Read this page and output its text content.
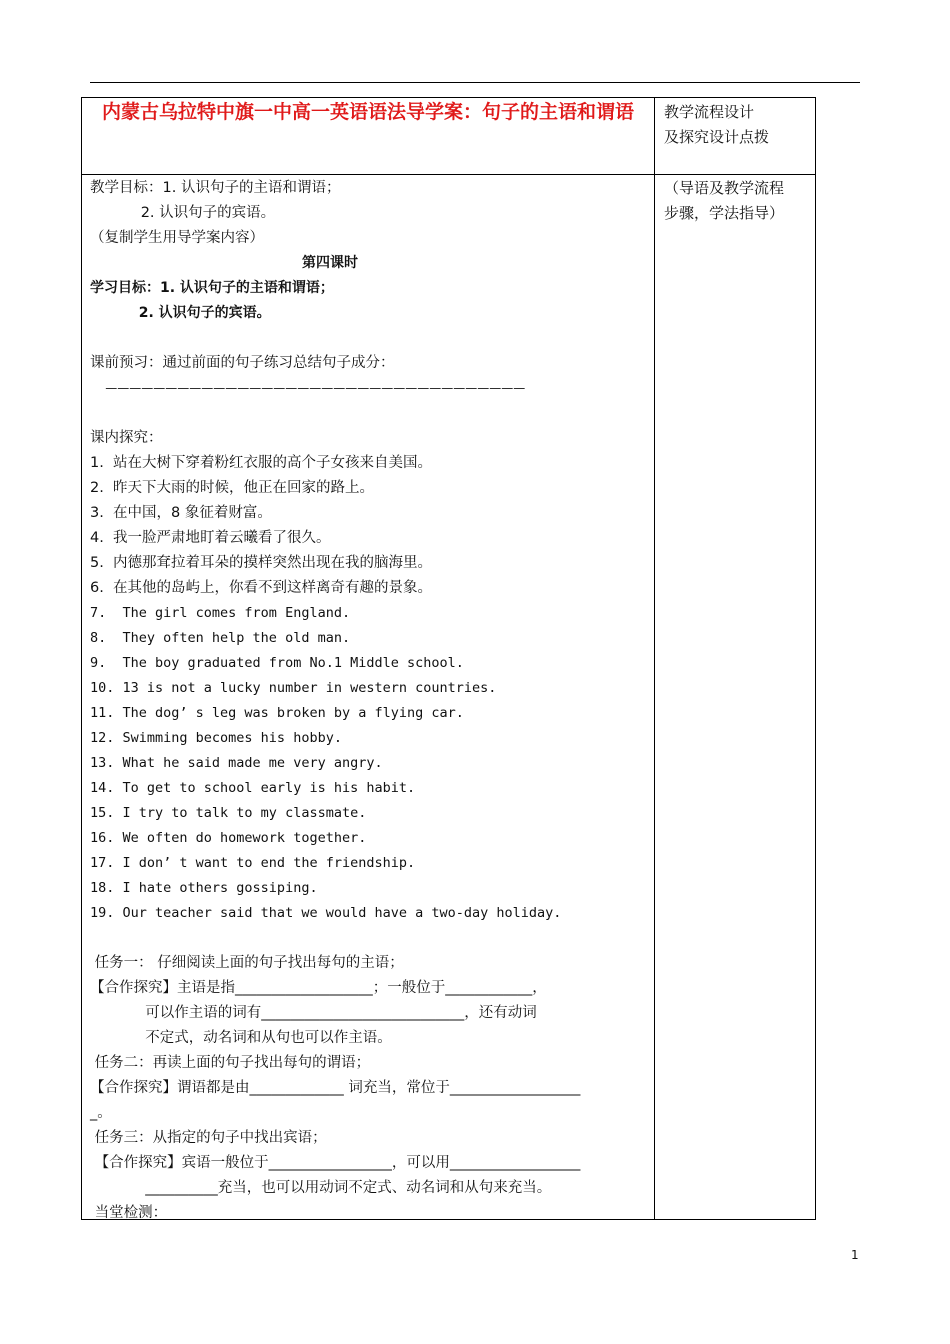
内蒙古乌拉特中旗一中高一英语语法导学案：句子的主语和谓语	教学流程设计
及探究设计点拨
（导语及教学流程
步骤，学法指导）
教学目标：1. 认识句子的主语和谓语；
2. 认识句子的宾语。
（复制学生用导学案内容）
第四课时
学习目标：1. 认识句子的主语和谓语；
2. 认识句子的宾语。
课前预习：通过前面的句子练习总结句子成分：
———————————————————————————————————
课内探究：
1.  站在大树下穿着粉红衣服的高个子女孩来自美国。
2.  昨天下大雨的时候，他正在回家的路上。
3.  在中国，8 象征着财富。
4.  我一脸严肃地盯着云曦看了很久。
5.  内德那耷拉着耳朵的摸样突然出现在我的脑海里。
6.  在其他的岛屿上，你看不到这样离奇有趣的景象。
7.  The girl comes from England.
8.  They often help the old man.
9.  The boy graduated from No.1 Middle school.
10. 13 is not a lucky number in western countries.
11. The dog’ s leg was broken by a flying car.
12. Swimming becomes his hobby.
13. What he said made me very angry.
14. To get to school early is his habit.
15. I try to talk to my classmate.
16. We often do homework together.
17. I don’ t want to end the friendship.
18. I hate others gossiping.
19. Our teacher said that we would have a two-day holiday.
任务一： 仔细阅读上面的句子找出每句的主语；
【合作探究】主语是指___________________；一般位于____________，
可以作主语的词有____________________________，还有动词
不定式，动名词和从句也可以作主语。
任务二：再读上面的句子找出每句的谓语；
【合作探究】谓语都是由_____________ 词充当，常位于__________________
_。
任务三：从指定的句子中找出宾语；
【合作探究】宾语一般位于_________________，可以用__________________
__________充当，也可以用动词不定式、动名词和从句来充当。
当堂检测：
1
